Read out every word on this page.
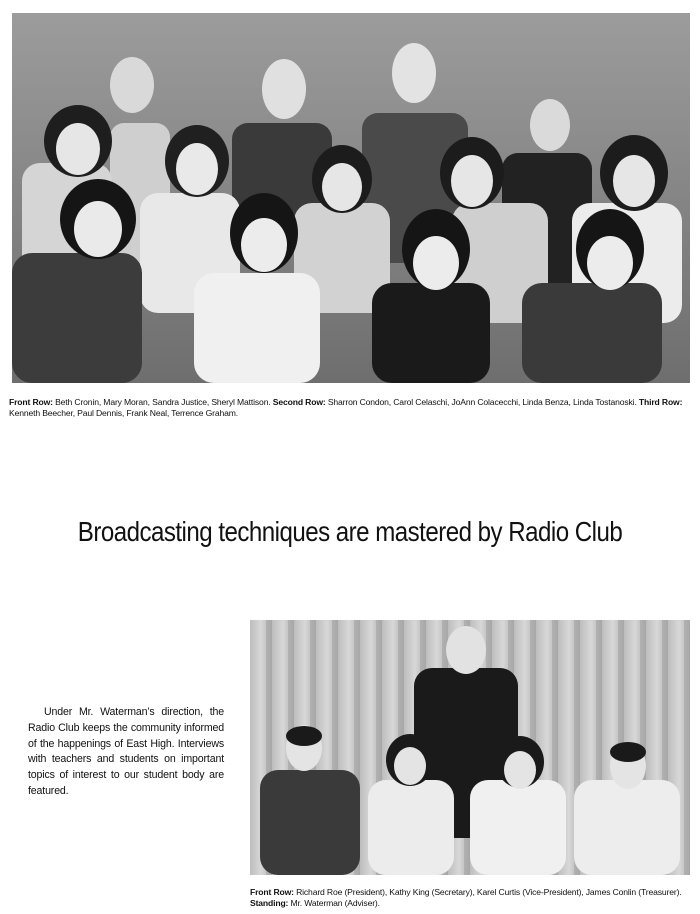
Front Row: Beth Cronin, Mary Moran, Sandra Justice, Sheryl Mattison. Second Row: Sharron Condon, Carol Celaschi, JoAnn Colacecchi, Linda Benza, Linda Tostanoski. Third Row: Kenneth Beecher, Paul Dennis, Frank Neal, Terrence Graham.
Broadcasting techniques are mastered by Radio Club
Under Mr. Waterman’s direction, the Radio Club keeps the community informed of the happenings of East High. Interviews with teachers and students on important topics of interest to our student body are featured.
Front Row: Richard Roe (President), Kathy King (Secretary), Karel Curtis (Vice-President), James Conlin (Treasurer).
Standing: Mr. Waterman (Adviser).
